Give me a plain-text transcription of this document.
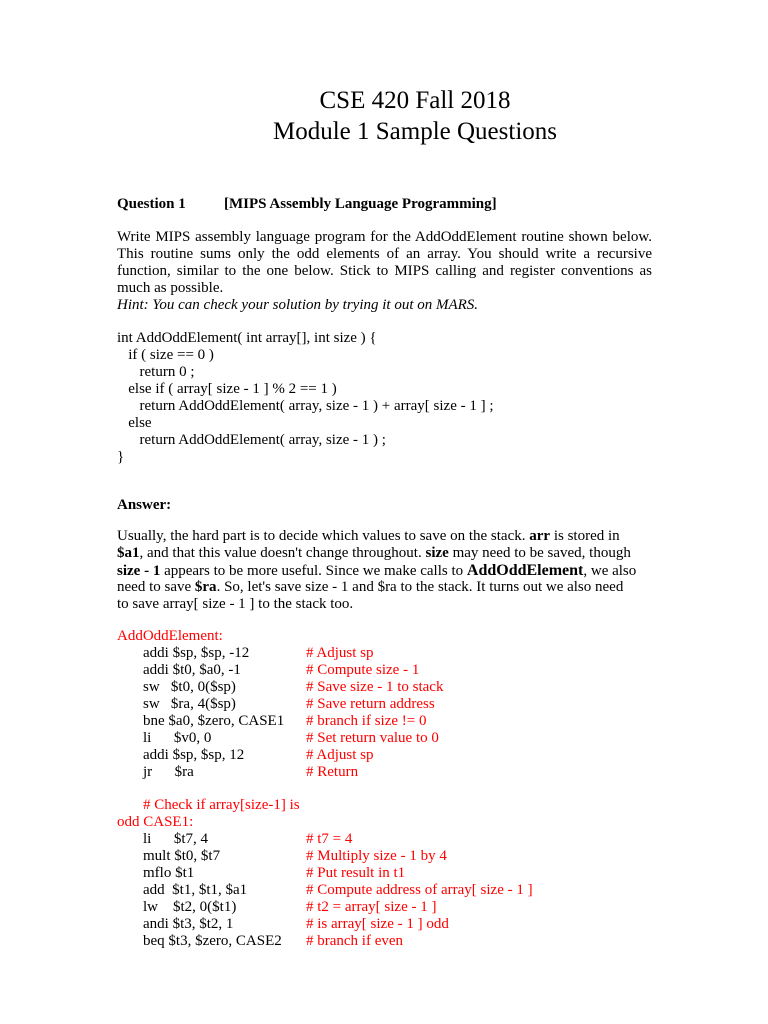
CSE 420 Fall 2018
Module 1 Sample Questions
Question 1	[MIPS Assembly Language Programming]
Write MIPS assembly language program for the AddOddElement routine shown below. This routine sums only the odd elements of an array. You should write a recursive function, similar to the one below. Stick to MIPS calling and register conventions as much as possible.
Hint: You can check your solution by trying it out on MARS.
int AddOddElement( int array[], int size ) {
if ( size == 0 )
return 0 ;
else if ( array[ size - 1 ] % 2 == 1 )
return AddOddElement( array, size - 1 ) + array[ size - 1 ] ;
else
return AddOddElement( array, size - 1 ) ;
}
Answer:
Usually, the hard part is to decide which values to save on the stack. arr is stored in
$a1, and that this value doesn't change throughout. size may need to be saved, though
size - 1 appears to be more useful. Since we make calls to AddOddElement, we also
need to save $ra. So, let's save size - 1 and $ra to the stack. It turns out we also need
to save array[ size - 1 ] to the stack too.
AddOddElement:
addi $sp, $sp, -12	# Adjust sp
addi $t0, $a0, -1	# Compute size - 1
sw   $t0, 0($sp)	# Save size - 1 to stack
sw   $ra, 4($sp)	# Save return address
bne $a0, $zero, CASE1 # branch if size != 0
li      $v0, 0	# Set return value to 0
addi $sp, $sp, 12	# Adjust sp
jr      $ra	# Return
# Check if array[size-1] is
odd CASE1:
li      $t7, 4	# t7 = 4
mult $t0, $t7	# Multiply size - 1 by 4
mflo $t1	# Put result in t1
add  $t1, $t1, $a1	# Compute address of array[ size - 1 ]
lw    $t2, 0($t1)	# t2 = array[ size - 1 ]
andi $t3, $t2, 1	# is array[ size - 1 ] odd
beq $t3, $zero, CASE2 # branch if even
